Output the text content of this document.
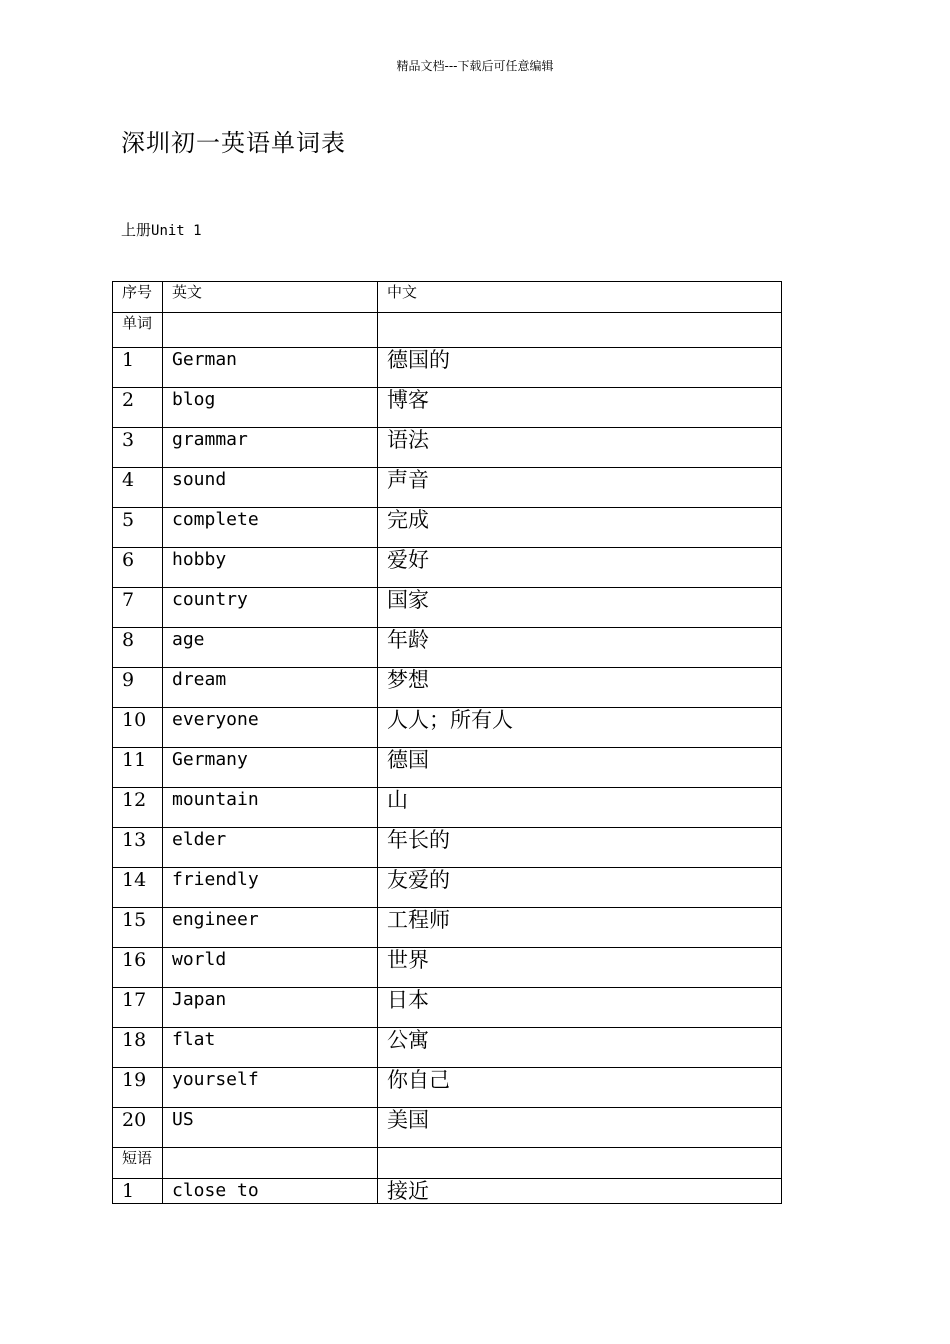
精品文档---下载后可任意编辑
深圳初一英语单词表
上册Unit 1
序号	英文	中文
单词		
1	German	德国的
2	blog	博客
3	grammar	语法
4	sound	声音
5	complete	完成
6	hobby	爱好
7	country	国家
8	age	年龄
9	dream	梦想
10	everyone	人人；所有人
11	Germany	德国
12	mountain	山
13	elder	年长的
14	friendly	友爱的
15	engineer	工程师
16	world	世界
17	Japan	日本
18	flat	公寓
19	yourself	你自己
20	US	美国
短语		
1	close to	接近
